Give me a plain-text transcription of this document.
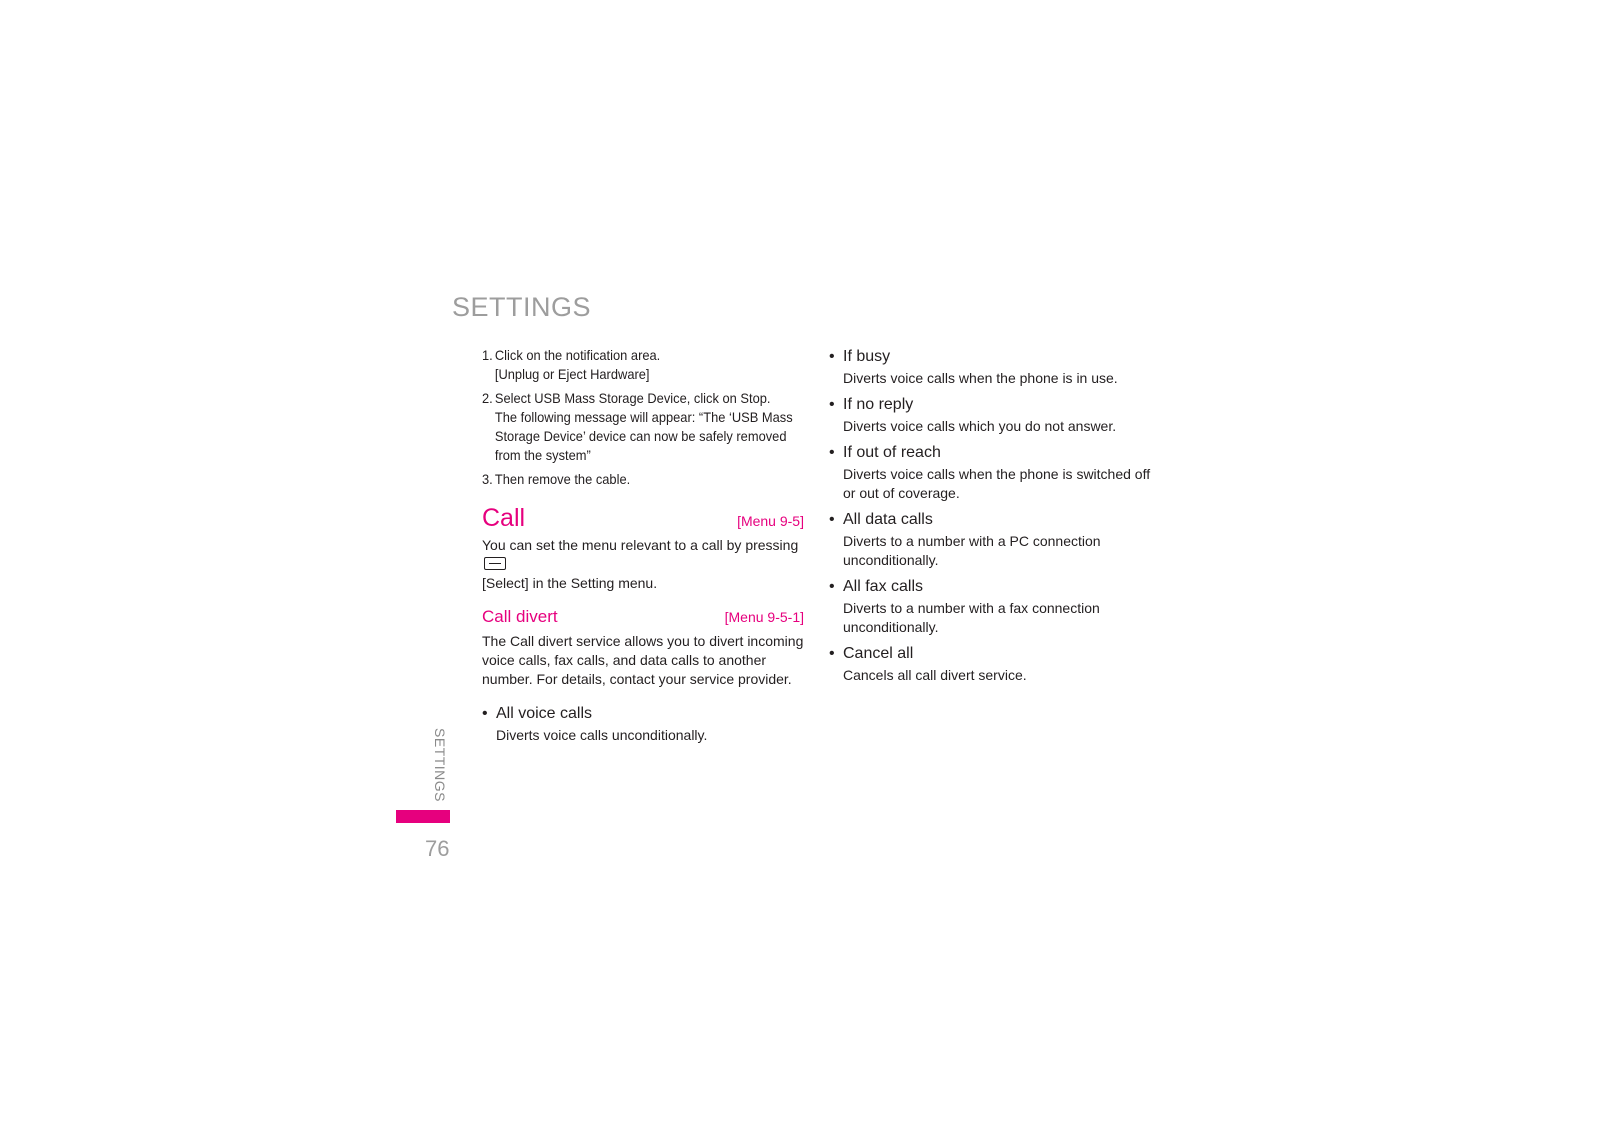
SETTINGS
SETTINGS
76
1. Click on the notification area.
[Unplug or Eject Hardware]
2. Select USB Mass Storage Device, click on Stop.
The following message will appear: “The ‘USB Mass Storage Device’ device can now be safely removed from the system”
3. Then remove the cable.
Call	[Menu 9-5]
You can set the menu relevant to a call by pressing
[Select] in the Setting menu.
Call divert	[Menu 9-5-1]
The Call divert service allows you to divert incoming voice calls, fax calls, and data calls to another number. For details, contact your service provider.
• All voice calls
Diverts voice calls unconditionally.
• If busy
Diverts voice calls when the phone is in use.
• If no reply
Diverts voice calls which you do not answer.
• If out of reach
Diverts voice calls when the phone is switched off or out of coverage.
• All data calls
Diverts to a number with a PC connection unconditionally.
• All fax calls
Diverts to a number with a fax connection unconditionally.
• Cancel all
Cancels all call divert service.
